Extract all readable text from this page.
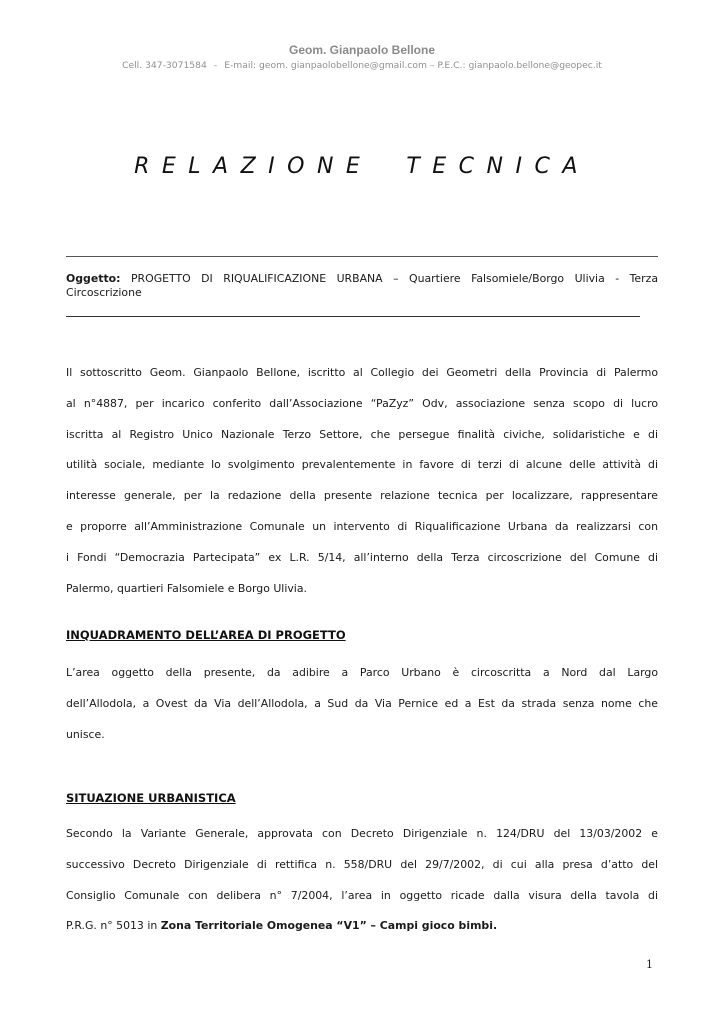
Geom. Gianpaolo Bellone
Cell. 347-3071584 - E-mail: geom. gianpaolobellone@gmail.com – P.E.C.: gianpaolo.bellone@geopec.it
RELAZIONE TECNICA
Oggetto: PROGETTO DI RIQUALIFICAZIONE URBANA – Quartiere Falsomiele/Borgo Ulivia - Terza Circoscrizione
Il sottoscritto Geom. Gianpaolo Bellone, iscritto al Collegio dei Geometri della Provincia di Palermo
al n°4887, per incarico conferito dall’Associazione “PaZyz” Odv, associazione senza scopo di lucro
iscritta al Registro Unico Nazionale Terzo Settore, che persegue finalità civiche, solidaristiche e di
utilità sociale, mediante lo svolgimento prevalentemente in favore di terzi di alcune delle attività di
interesse generale, per la redazione della presente relazione tecnica per localizzare, rappresentare
e proporre all’Amministrazione Comunale un intervento di Riqualificazione Urbana da realizzarsi con
i Fondi “Democrazia Partecipata” ex L.R. 5/14, all’interno della Terza circoscrizione del Comune di
Palermo, quartieri Falsomiele e Borgo Ulivia.
INQUADRAMENTO DELL’AREA DI PROGETTO
L’area oggetto della presente, da adibire a Parco Urbano è circoscritta a Nord dal Largo
dell’Allodola, a Ovest da Via dell’Allodola, a Sud da Via Pernice ed a Est da strada senza nome che
unisce.
SITUAZIONE URBANISTICA
Secondo la Variante Generale, approvata con Decreto Dirigenziale n. 124/DRU del 13/03/2002 e
successivo Decreto Dirigenziale di rettifica n. 558/DRU del 29/7/2002, di cui alla presa d’atto del
Consiglio Comunale con delibera n° 7/2004, l’area in oggetto ricade dalla visura della tavola di
P.R.G. n° 5013 in Zona Territoriale Omogenea “V1” – Campi gioco bimbi.
1
